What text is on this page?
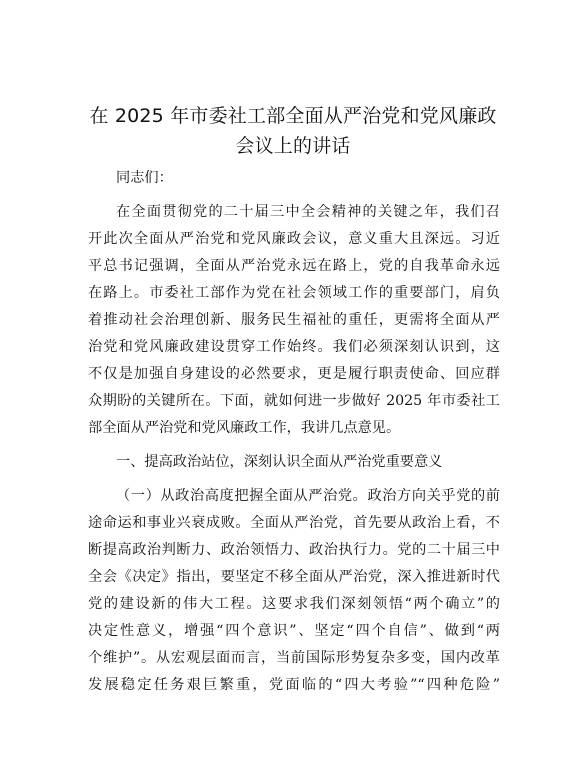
在 2025 年市委社工部全面从严治党和党风廉政
会议上的讲话
同志们：
在全面贯彻党的二十届三中全会精神的关键之年，我们召
开此次全面从严治党和党风廉政会议，意义重大且深远。习近
平总书记强调，全面从严治党永远在路上，党的自我革命永远
在路上。市委社工部作为党在社会领域工作的重要部门，肩负
着推动社会治理创新、服务民生福祉的重任，更需将全面从严
治党和党风廉政建设贯穿工作始终。我们必须深刻认识到，这
不仅是加强自身建设的必然要求，更是履行职责使命、回应群
众期盼的关键所在。下面，就如何进一步做好 2025 年市委社工
部全面从严治党和党风廉政工作，我讲几点意见。
一、提高政治站位，深刻认识全面从严治党重要意义
（一）从政治高度把握全面从严治党。政治方向关乎党的前
途命运和事业兴衰成败。全面从严治党，首先要从政治上看，不
断提高政治判断力、政治领悟力、政治执行力。党的二十届三中
全会《决定》指出，要坚定不移全面从严治党，深入推进新时代
党的建设新的伟大工程。这要求我们深刻领悟“两个确立”的
决定性意义，增强“四个意识”、坚定“四个自信”、做到“两
个维护”。从宏观层面而言，当前国际形势复杂多变，国内改革
发展稳定任务艰巨繁重，党面临的“四大考验”“四种危险”
